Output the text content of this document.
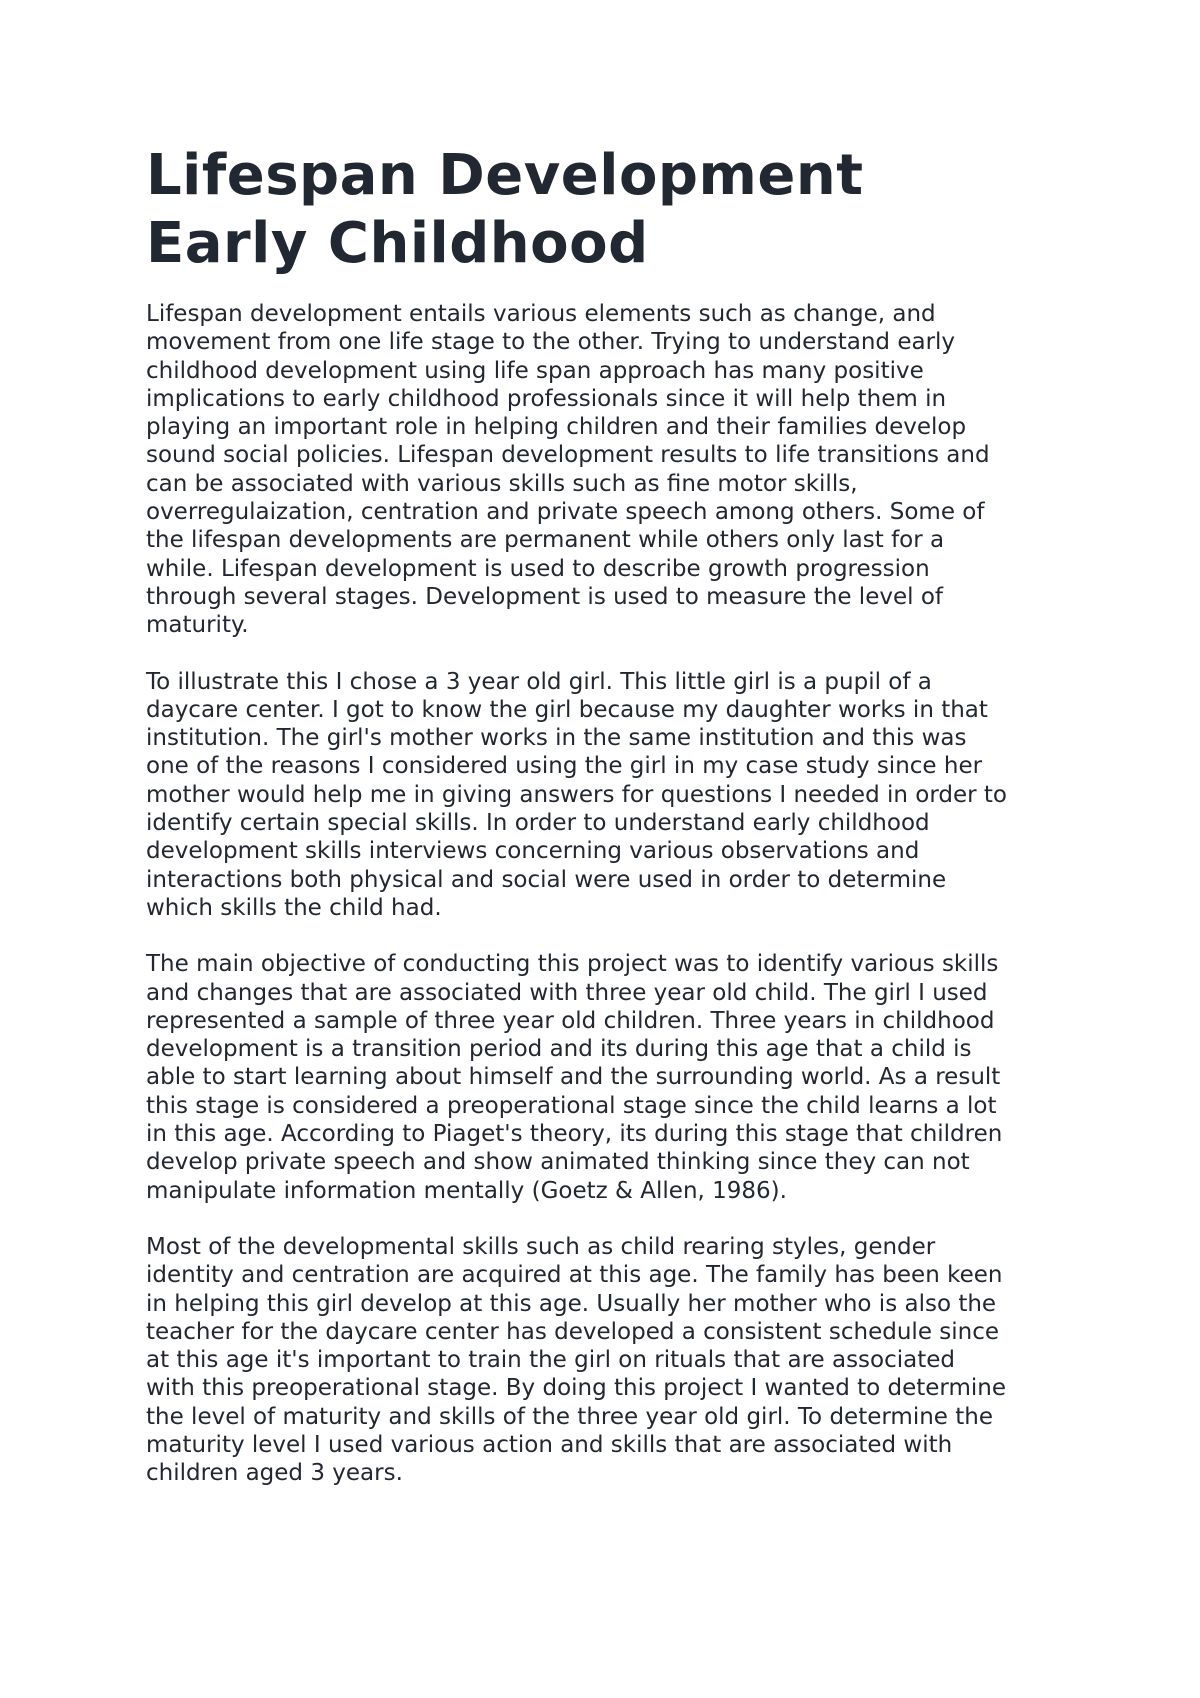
Lifespan Development
Early Childhood

Lifespan development entails various elements such as change, and
movement from one life stage to the other. Trying to understand early
childhood development using life span approach has many positive
implications to early childhood professionals since it will help them in
playing an important role in helping children and their families develop
sound social policies. Lifespan development results to life transitions and
can be associated with various skills such as fine motor skills,
overregulaization, centration and private speech among others. Some of
the lifespan developments are permanent while others only last for a
while. Lifespan development is used to describe growth progression
through several stages. Development is used to measure the level of
maturity.

To illustrate this I chose a 3 year old girl. This little girl is a pupil of a
daycare center. I got to know the girl because my daughter works in that
institution. The girl's mother works in the same institution and this was
one of the reasons I considered using the girl in my case study since her
mother would help me in giving answers for questions I needed in order to
identify certain special skills. In order to understand early childhood
development skills interviews concerning various observations and
interactions both physical and social were used in order to determine
which skills the child had.

The main objective of conducting this project was to identify various skills
and changes that are associated with three year old child. The girl I used
represented a sample of three year old children. Three years in childhood
development is a transition period and its during this age that a child is
able to start learning about himself and the surrounding world. As a result
this stage is considered a preoperational stage since the child learns a lot
in this age. According to Piaget's theory, its during this stage that children
develop private speech and show animated thinking since they can not
manipulate information mentally (Goetz & Allen, 1986).

Most of the developmental skills such as child rearing styles, gender
identity and centration are acquired at this age. The family has been keen
in helping this girl develop at this age. Usually her mother who is also the
teacher for the daycare center has developed a consistent schedule since
at this age it's important to train the girl on rituals that are associated
with this preoperational stage. By doing this project I wanted to determine
the level of maturity and skills of the three year old girl. To determine the
maturity level I used various action and skills that are associated with
children aged 3 years.
